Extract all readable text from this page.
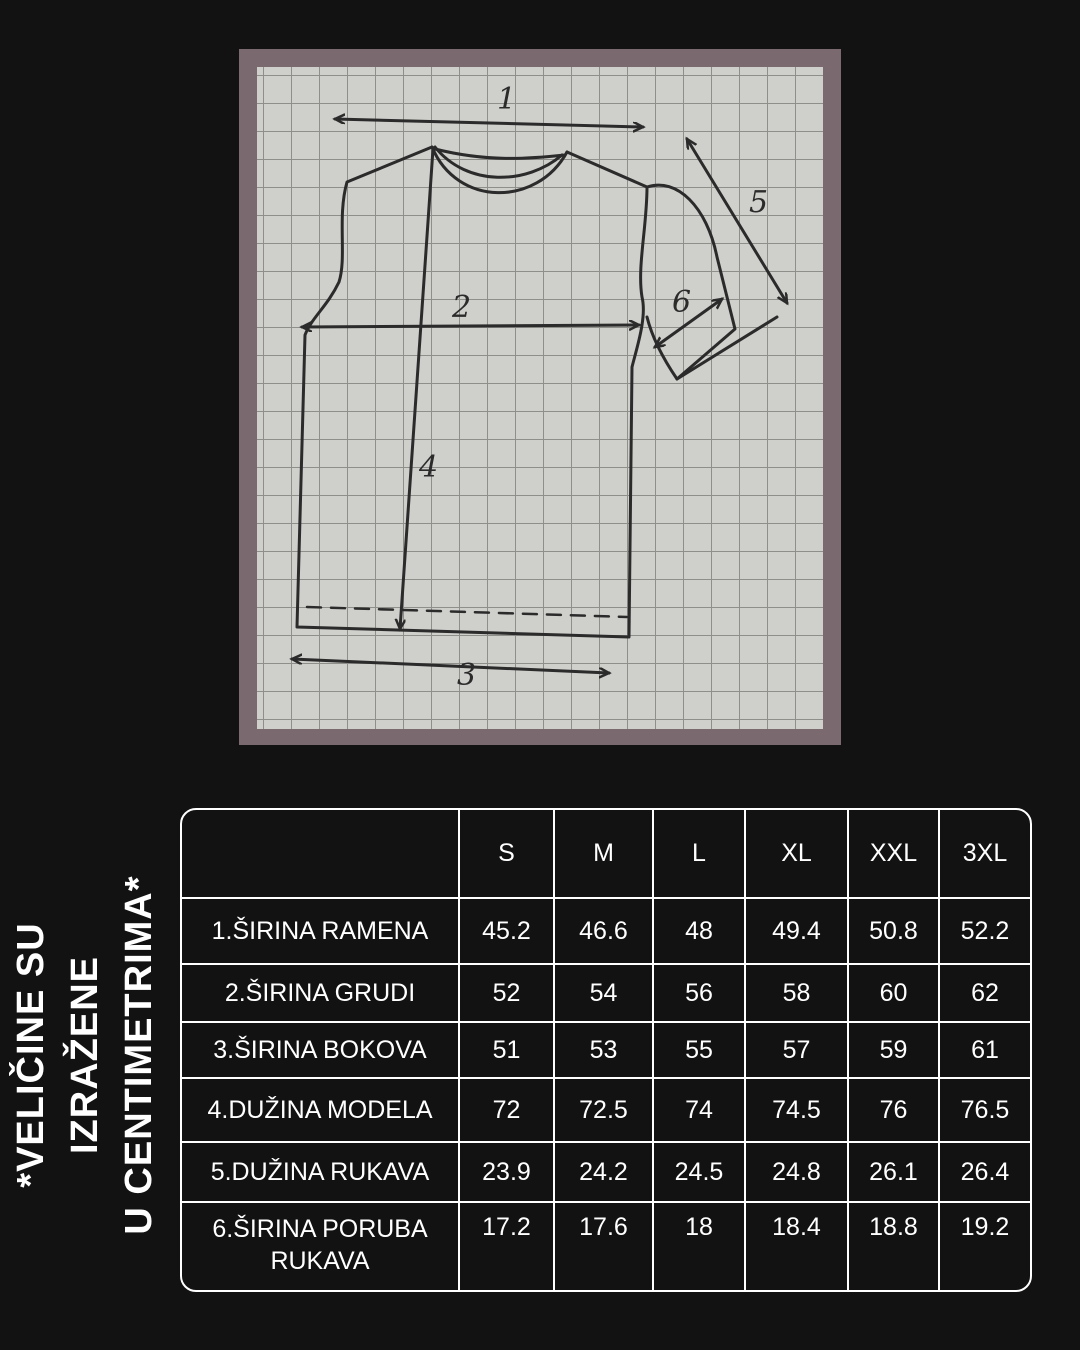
1
2
3
4
5
6
*VELIČINE SU IZRAŽENE U CENTIMETRIMA*
	S	M	L	XL	XXL	3XL
1.ŠIRINA RAMENA	45.2	46.6	48	49.4	50.8	52.2
2.ŠIRINA GRUDI	52	54	56	58	60	62
3.ŠIRINA BOKOVA	51	53	55	57	59	61
4.DUŽINA MODELA	72	72.5	74	74.5	76	76.5
5.DUŽINA RUKAVA	23.9	24.2	24.5	24.8	26.1	26.4
6.ŠIRINA PORUBA RUKAVA	17.2	17.6	18	18.4	18.8	19.2
